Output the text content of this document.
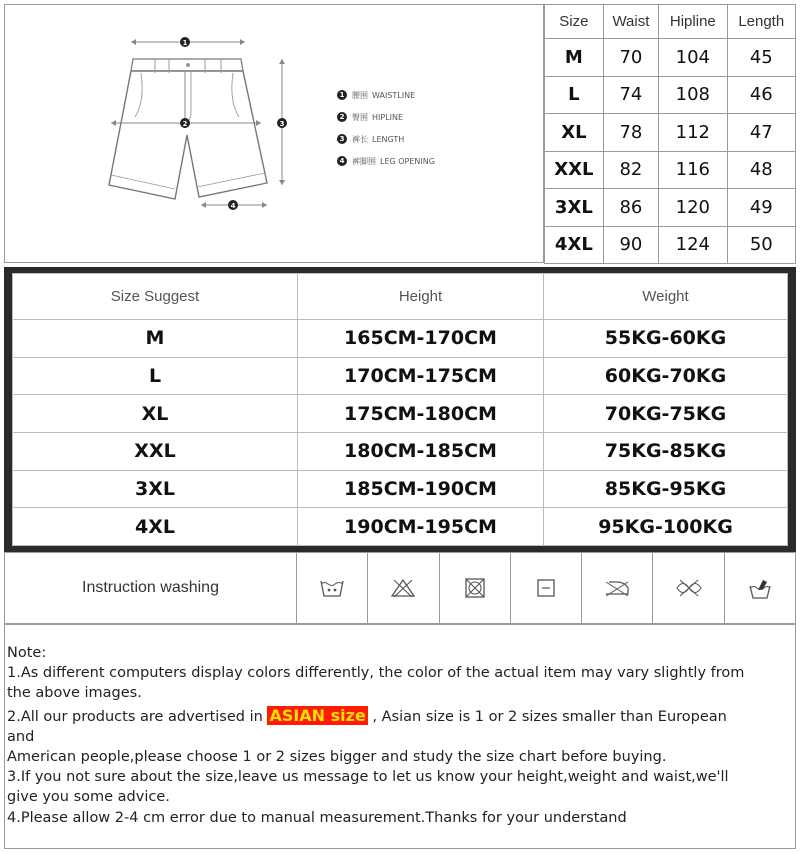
1
2	3
4
1 腰围 WAISTLINE
2 臀围 HIPLINE
3 裤长 LENGTH
4 裤脚围 LEG OPENING
Size	Waist	Hipline	Length
M	70	104	45
L	74	108	46
XL	78	112	47
XXL	82	116	48
3XL	86	120	49
4XL	90	124	50
Size Suggest	Height	Weight
M	165CM-170CM	55KG-60KG
L	170CM-175CM	60KG-70KG
XL	175CM-180CM	70KG-75KG
XXL	180CM-185CM	75KG-85KG
3XL	185CM-190CM	85KG-95KG
4XL	190CM-195CM	95KG-100KG
Instruction washing

Note:

1.As different computers display colors differently, the color of the actual item may vary slightly from

the above images.

2.All our products are advertised in ASIAN size , Asian size is 1 or 2 sizes smaller than European

and

American people,please choose 1 or 2 sizes bigger and study the size chart before buying.

3.If you not sure about the size,leave us message to let us know your height,weight and waist,we'll

give you some advice.

4.Please allow 2-4 cm error due to manual measurement.Thanks for your understand
